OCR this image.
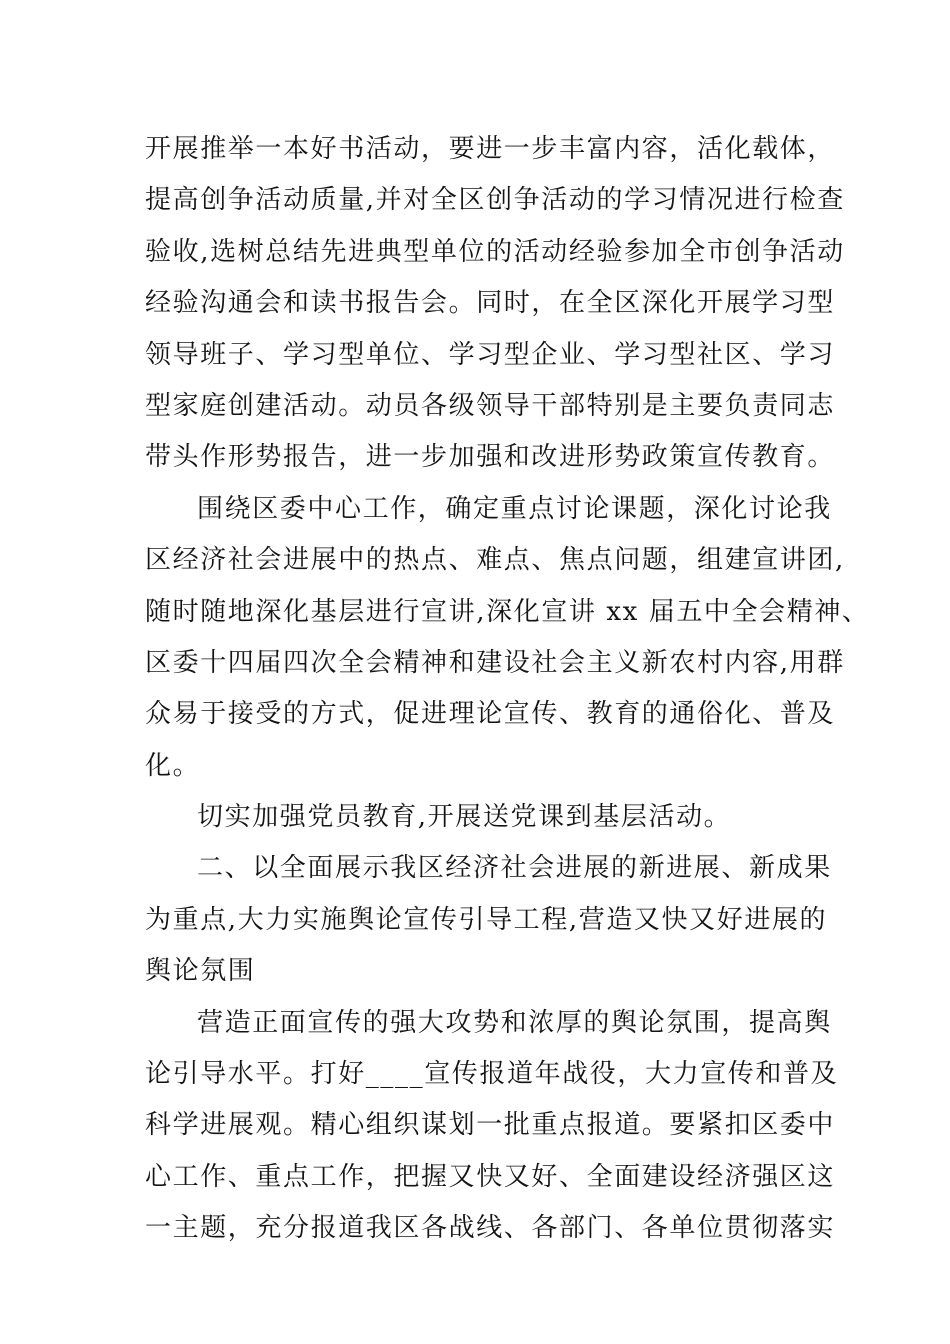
开展推举一本好书活动，要进一步丰富内容，活化载体，
提高创争活动质量,并对全区创争活动的学习情况进行检查
验收,选树总结先进典型单位的活动经验参加全市创争活动
经验沟通会和读书报告会。同时，在全区深化开展学习型
领导班子、学习型单位、学习型企业、学习型社区、学习
型家庭创建活动。动员各级领导干部特别是主要负责同志
带头作形势报告，进一步加强和改进形势政策宣传教育。
围绕区委中心工作，确定重点讨论课题，深化讨论我
区经济社会进展中的热点、难点、焦点问题，组建宣讲团,
随时随地深化基层进行宣讲,深化宣讲 xx 届五中全会精神、
区委十四届四次全会精神和建设社会主义新农村内容,用群
众易于接受的方式，促进理论宣传、教育的通俗化、普及
化。
切实加强党员教育,开展送党课到基层活动。
二、以全面展示我区经济社会进展的新进展、新成果
为重点,大力实施舆论宣传引导工程,营造又快又好进展的
舆论氛围
营造正面宣传的强大攻势和浓厚的舆论氛围，提高舆
论引导水平。打好____宣传报道年战役，大力宣传和普及
科学进展观。精心组织谋划一批重点报道。要紧扣区委中
心工作、重点工作，把握又快又好、全面建设经济强区这
一主题，充分报道我区各战线、各部门、各单位贯彻落实
